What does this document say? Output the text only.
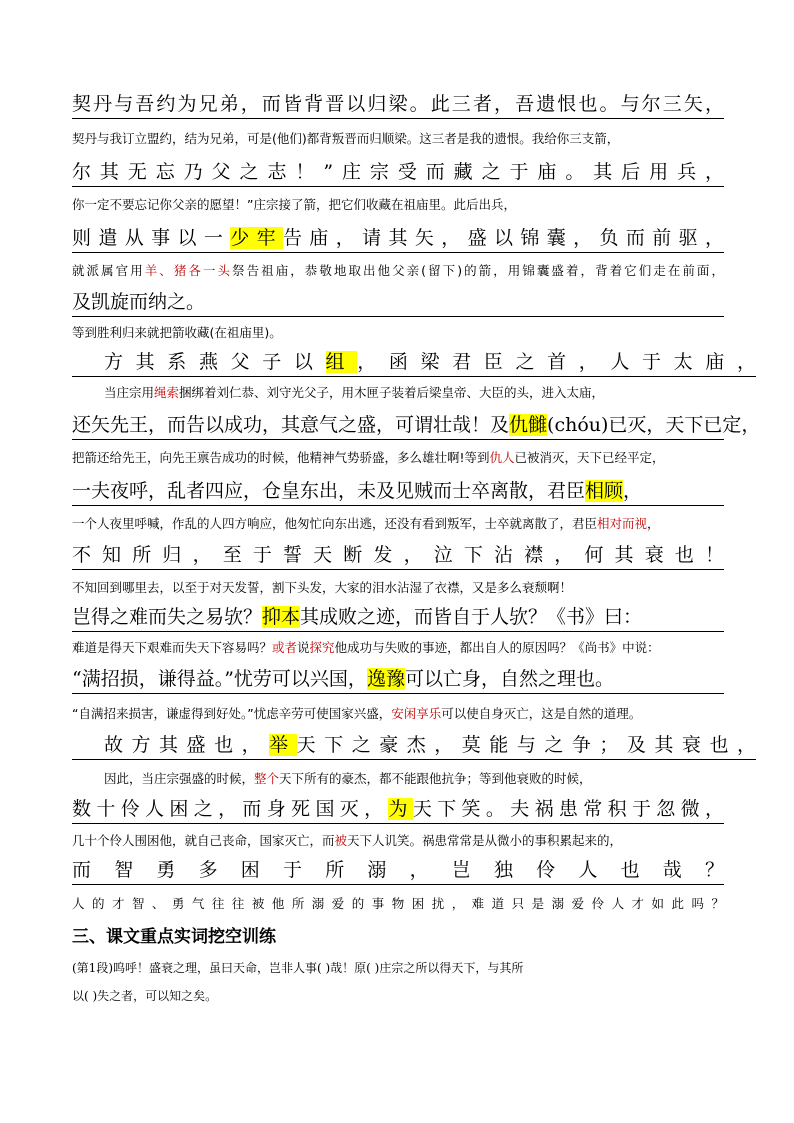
契丹与吾约为兄弟，而皆背晋以归梁。此三者，吾遗恨也。与尔三矢，
契丹与我订立盟约，结为兄弟，可是(他们)都背叛晋而归顺梁。这三者是我的遗恨。我给你三支箭，
尔其无忘乃父之志！”庄宗受而藏之于庙。其后用兵，
你一定不要忘记你父亲的愿望！”庄宗接了箭，把它们收藏在祖庙里。此后出兵，
则遣从事以一少牢告庙，请其矢，盛以锦囊，负而前驱，
就派属官用羊、猪各一头祭告祖庙，恭敬地取出他父亲(留下)的箭，用锦囊盛着，背着它们走在前面，
及凯旋而纳之。
等到胜利归来就把箭收藏(在祖庙里)。
方其系燕父子以组，函梁君臣之首，人于太庙，
当庄宗用绳索捆绑着刘仁恭、刘守光父子，用木匣子装着后梁皇帝、大臣的头，进入太庙，
还矢先王，而告以成功，其意气之盛，可谓壮哉！及仇雠(chóu)已灭，天下已定，
把箭还给先王，向先王禀告成功的时候，他精神气势骄盛，多么雄壮啊!等到仇人已被消灭，天下已经平定，
一夫夜呼，乱者四应，仓皇东出，未及见贼而士卒离散，君臣相顾，
一个人夜里呼喊，作乱的人四方响应，他匆忙向东出逃，还没有看到叛军，士卒就离散了，君臣相对而视，
不知所归，至于誓天断发，泣下沾襟，何其衰也！
不知回到哪里去，以至于对天发誓，割下头发，大家的泪水沾湿了衣襟，又是多么衰颓啊！
岂得之难而失之易欤？抑本其成败之迹，而皆自于人欤？《书》曰：
难道是得天下艰难而失天下容易吗？或者说探究他成功与失败的事迹，都出自人的原因吗？《尚书》中说：
“满招损，谦得益。”忧劳可以兴国，逸豫可以亡身，自然之理也。
“自满招来损害，谦虚得到好处。”忧虑辛劳可使国家兴盛，安闲享乐可以使自身灭亡，这是自然的道理。
故方其盛也，举天下之豪杰，莫能与之争；及其衰也，
因此，当庄宗强盛的时候，整个天下所有的豪杰，都不能跟他抗争；等到他衰败的时候，
数十伶人困之，而身死国灭，为天下笑。夫祸患常积于忽微，
几十个伶人围困他，就自己丧命，国家灭亡，而被天下人讥笑。祸患常常是从微小的事积累起来的，
而智勇多困于所溺，岂独伶人也哉？
人的才智、勇气往往被他所溺爱的事物困扰，难道只是溺爱伶人才如此吗？
三、课文重点实词挖空训练
(第1段)呜呼！盛衰之理，虽曰天命，岂非人事( )哉！原( )庄宗之所以得天下，与其所
以( )失之者，可以知之矣。
